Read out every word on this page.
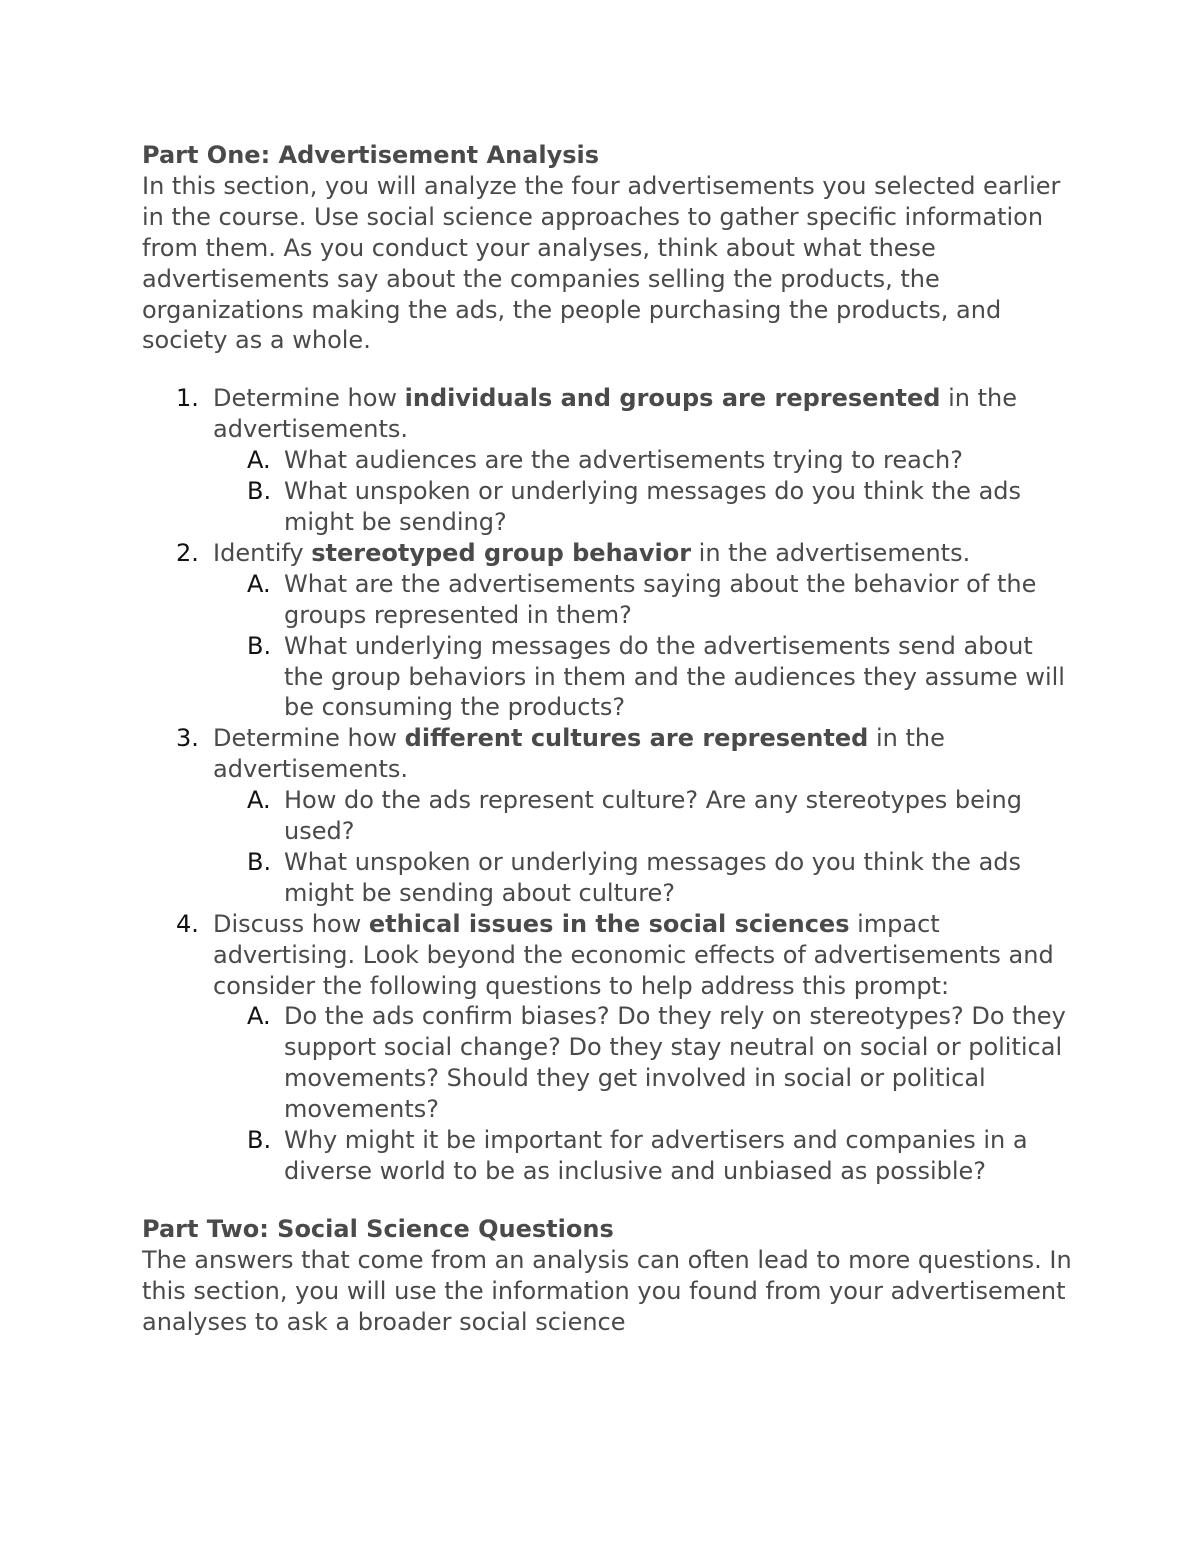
Part One: Advertisement Analysis

In this section, you will analyze the four advertisements you selected earlier in the course. Use social science approaches to gather specific information from them. As you conduct your analyses, think about what these advertisements say about the companies selling the products, the organizations making the ads, the people purchasing the products, and society as a whole.

1. Determine how individuals and groups are represented in the advertisements.
A. What audiences are the advertisements trying to reach?
B. What unspoken or underlying messages do you think the ads might be sending?
2. Identify stereotyped group behavior in the advertisements.
A. What are the advertisements saying about the behavior of the groups represented in them?
B. What underlying messages do the advertisements send about the group behaviors in them and the audiences they assume will be consuming the products?
3. Determine how different cultures are represented in the advertisements.
A. How do the ads represent culture? Are any stereotypes being used?
B. What unspoken or underlying messages do you think the ads might be sending about culture?
4. Discuss how ethical issues in the social sciences impact advertising. Look beyond the economic effects of advertisements and consider the following questions to help address this prompt:
A. Do the ads confirm biases? Do they rely on stereotypes? Do they support social change? Do they stay neutral on social or political movements? Should they get involved in social or political movements?
B. Why might it be important for advertisers and companies in a diverse world to be as inclusive and unbiased as possible?

Part Two: Social Science Questions

The answers that come from an analysis can often lead to more questions. In this section, you will use the information you found from your advertisement analyses to ask a broader social science
